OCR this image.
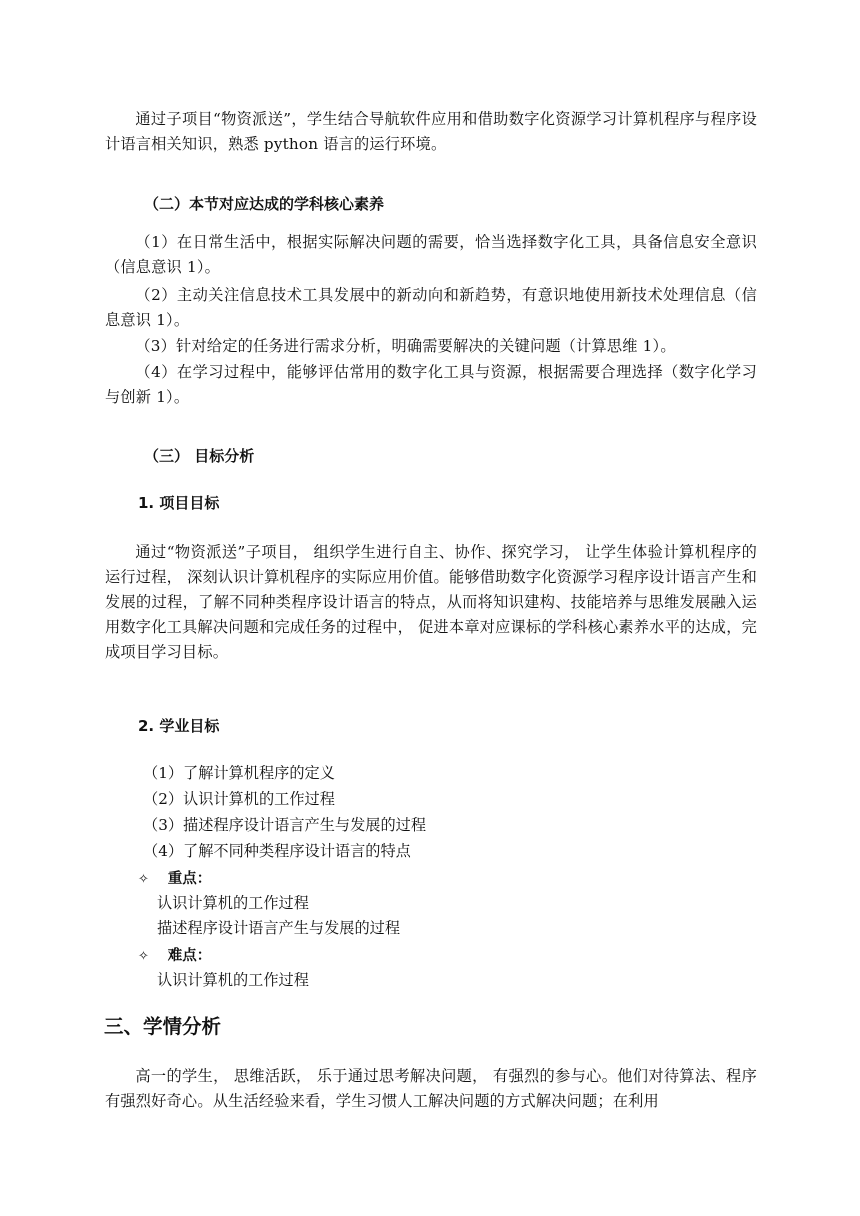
通过子项目“物资派送”，学生结合导航软件应用和借助数字化资源学习计算机程序与程序设计语言相关知识，熟悉 python 语言的运行环境。

（二）本节对应达成的学科核心素养

（1）在日常生活中，根据实际解决问题的需要，恰当选择数字化工具，具备信息安全意识（信息意识 1）。

（2）主动关注信息技术工具发展中的新动向和新趋势，有意识地使用新技术处理信息（信息意识 1）。

（3）针对给定的任务进行需求分析，明确需要解决的关键问题（计算思维 1）。

（4）在学习过程中，能够评估常用的数字化工具与资源，根据需要合理选择（数字化学习与创新 1）。

（三） 目标分析

1. 项目目标

通过“物资派送”子项目， 组织学生进行自主、协作、探究学习， 让学生体验计算机程序的运行过程， 深刻认识计算机程序的实际应用价值。能够借助数字化资源学习程序设计语言产生和发展的过程，了解不同种类程序设计语言的特点，从而将知识建构、技能培养与思维发展融入运用数字化工具解决问题和完成任务的过程中， 促进本章对应课标的学科核心素养水平的达成，完成项目学习目标。

2. 学业目标

（1）了解计算机程序的定义

（2）认识计算机的工作过程

（3）描述程序设计语言产生与发展的过程

（4）了解不同种类程序设计语言的特点

✧ 重点：

认识计算机的工作过程

描述程序设计语言产生与发展的过程

✧ 难点：

认识计算机的工作过程

三、学情分析

高一的学生， 思维活跃， 乐于通过思考解决问题， 有强烈的参与心。他们对待算法、程序有强烈好奇心。从生活经验来看，学生习惯人工解决问题的方式解决问题；在利用
